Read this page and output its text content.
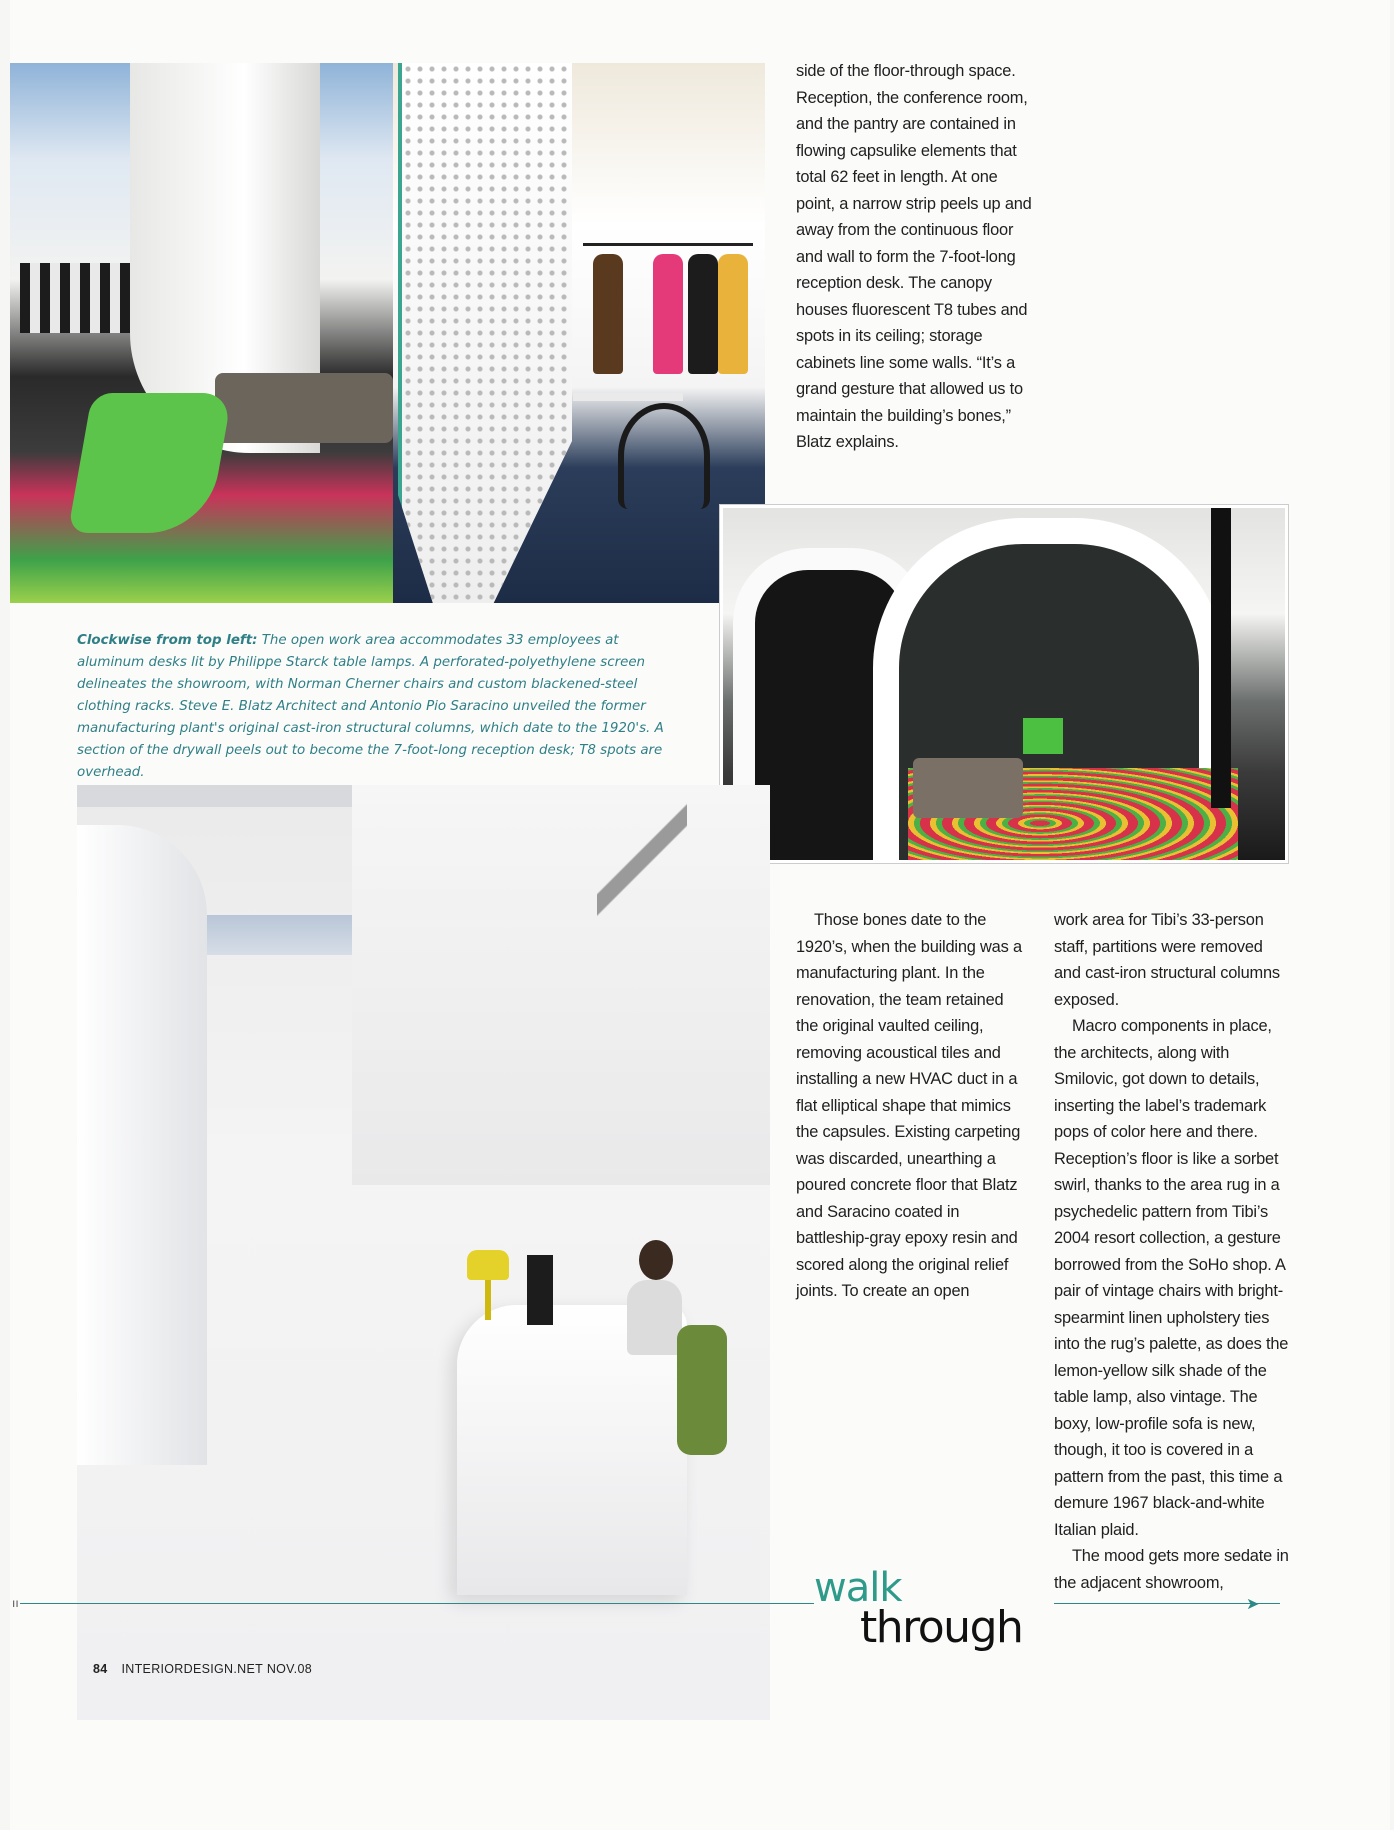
Clockwise from top left: The open work area accommodates 33 employees at aluminum desks lit by Philippe Starck table lamps. A perforated-polyethylene screen delineates the showroom, with Norman Cherner chairs and custom blackened-steel clothing racks. Steve E. Blatz Architect and Antonio Pio Saracino unveiled the former manufacturing plant's original cast-iron structural columns, which date to the 1920's. A section of the drywall peels out to become the 7-foot-long reception desk; T8 spots are overhead.

side of the floor-through space. Reception, the conference room, and the pantry are contained in flowing capsulike elements that total 62 feet in length. At one point, a narrow strip peels up and away from the continuous floor and wall to form the 7-foot-long reception desk. The canopy houses fluorescent T8 tubes and spots in its ceiling; storage cabinets line some walls. “It’s a grand gesture that allowed us to maintain the building’s bones,” Blatz explains.

Those bones date to the 1920’s, when the building was a manufacturing plant. In the renovation, the team retained the original vaulted ceiling, removing acoustical tiles and installing a new HVAC duct in a flat elliptical shape that mimics the capsules. Existing carpeting was discarded, unearthing a poured concrete floor that Blatz and Saracino coated in battleship-gray epoxy resin and scored along the original relief joints. To create an open

work area for Tibi’s 33-person staff, partitions were removed and cast-iron structural columns exposed.

Macro components in place, the architects, along with Smilovic, got down to details, inserting the label’s trademark pops of color here and there. Reception’s floor is like a sorbet swirl, thanks to the area rug in a psychedelic pattern from Tibi’s 2004 resort collection, a gesture borrowed from the SoHo shop. A pair of vintage chairs with bright-spearmint linen upholstery ties into the rug’s palette, as does the lemon-yellow silk shade of the table lamp, also vintage. The boxy, low-profile sofa is new, though, it too is covered in a pattern from the past, this time a demure 1967 black-and-white Italian plaid.

The mood gets more sedate in the adjacent showroom,

ıı	walk
through	➤
84 INTERIORDESIGN.NET NOV.08
